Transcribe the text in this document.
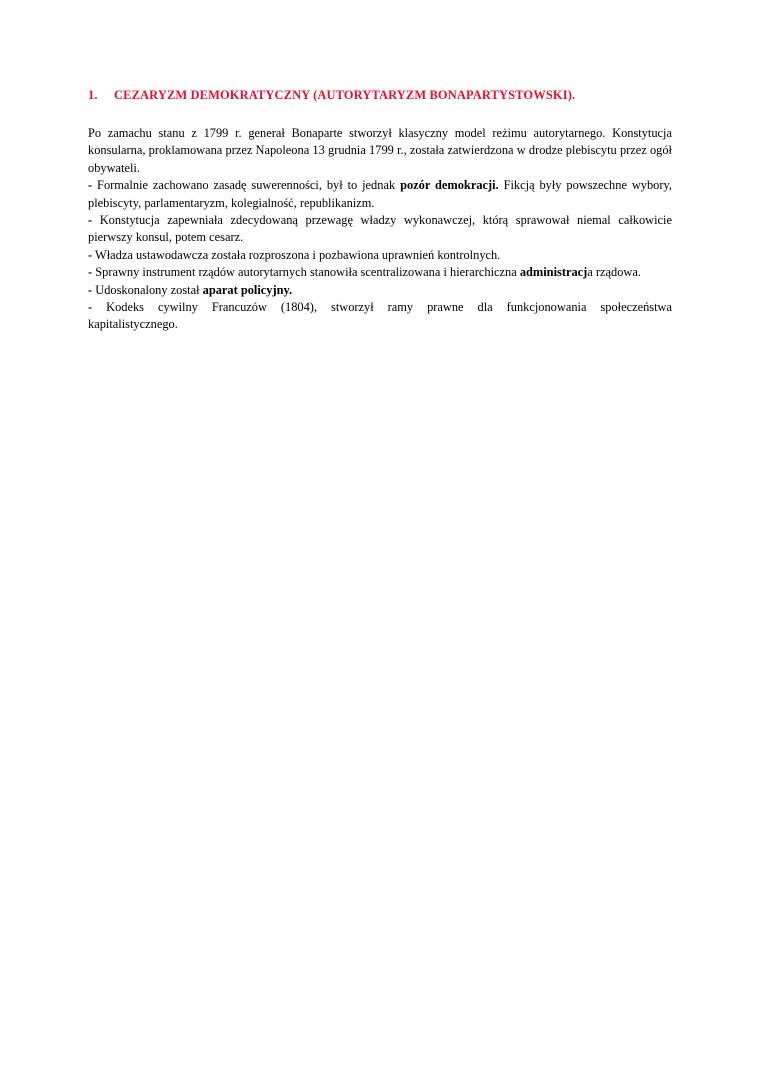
1.	CEZARYZM DEMOKRATYCZNY (AUTORYTARYZM BONAPARTYSTOWSKI).

Po zamachu stanu z 1799 r. generał Bonaparte stworzył klasyczny model reżimu autorytarnego. Konstytucja konsularna, proklamowana przez Napoleona 13 grudnia 1799 r., została zatwierdzona w drodze plebiscytu przez ogół obywateli.

- Formalnie zachowano zasadę suwerenności, był to jednak pozór demokracji. Fikcją były powszechne wybory, plebiscyty, parlamentaryzm, kolegialność, republikanizm.

- Konstytucja zapewniała zdecydowaną przewagę władzy wykonawczej, którą sprawował niemal całkowicie pierwszy konsul, potem cesarz.

- Władza ustawodawcza została rozproszona i pozbawiona uprawnień kontrolnych.

- Sprawny instrument rządów autorytarnych stanowiła scentralizowana i hierarchiczna administracja rządowa.

- Udoskonalony został aparat policyjny.

- Kodeks cywilny Francuzów (1804), stworzył ramy prawne dla funkcjonowania społeczeństwa kapitalistycznego.
